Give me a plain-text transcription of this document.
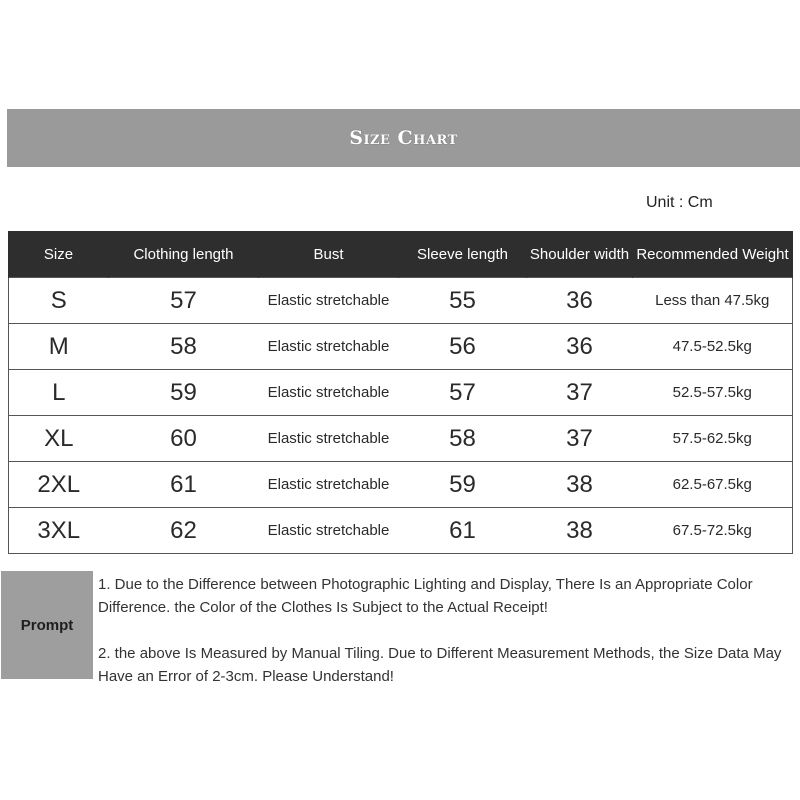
Size Chart
Unit : Cm
Size	Clothing length	Bust	Sleeve length	Shoulder width	Recommended Weight
S	57	Elastic stretchable	55	36	Less than 47.5kg
M	58	Elastic stretchable	56	36	47.5-52.5kg
L	59	Elastic stretchable	57	37	52.5-57.5kg
XL	60	Elastic stretchable	58	37	57.5-62.5kg
2XL	61	Elastic stretchable	59	38	62.5-67.5kg
3XL	62	Elastic stretchable	61	38	67.5-72.5kg
Prompt
1. Due to the Difference between Photographic Lighting and Display, There Is an Appropriate Color Difference. the Color of the Clothes Is Subject to the Actual Receipt!
2. the above Is Measured by Manual Tiling. Due to Different Measurement Methods, the Size Data May Have an Error of 2-3cm. Please Understand!
